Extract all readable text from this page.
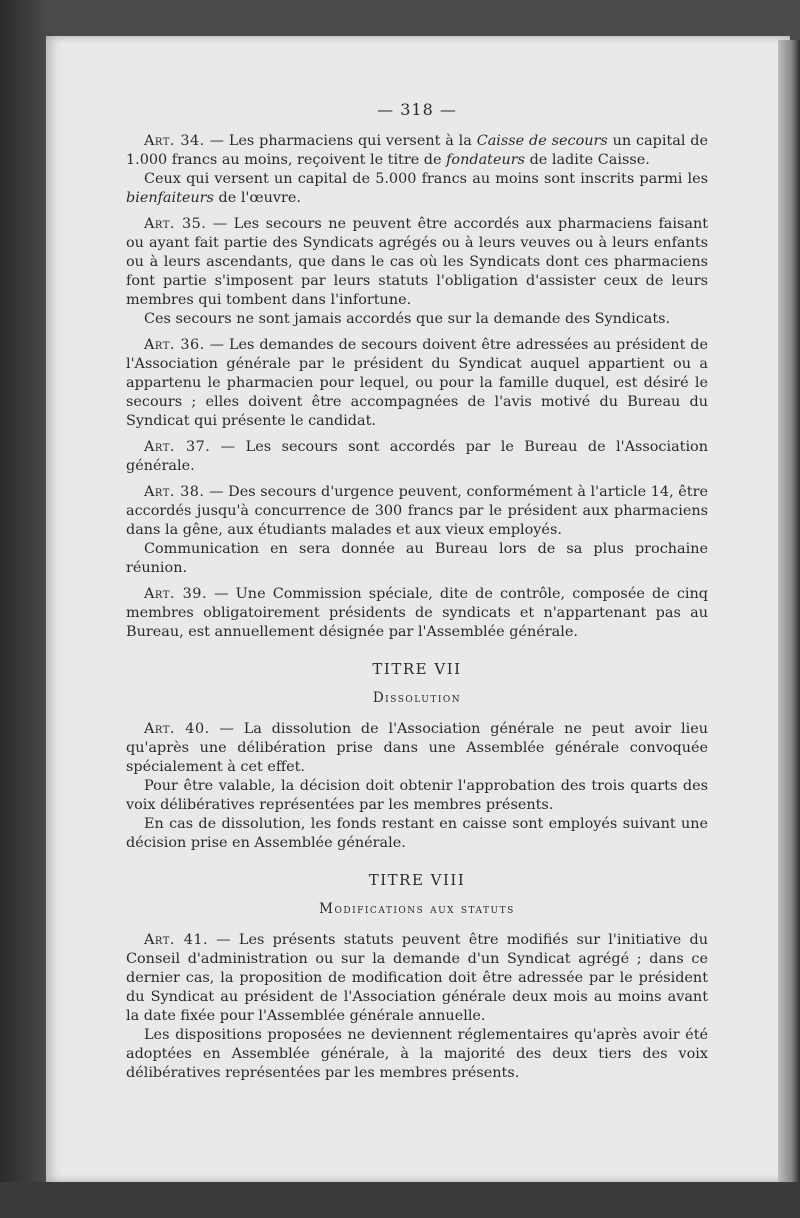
— 318 —

Art. 34. — Les pharmaciens qui versent à la Caisse de secours un capital de 1.000 francs au moins, reçoivent le titre de fondateurs de ladite Caisse.

Ceux qui versent un capital de 5.000 francs au moins sont inscrits parmi les bienfaiteurs de l'œuvre.

Art. 35. — Les secours ne peuvent être accordés aux pharmaciens faisant ou ayant fait partie des Syndicats agrégés ou à leurs veuves ou à leurs enfants ou à leurs ascendants, que dans le cas où les Syndicats dont ces pharmaciens font partie s'imposent par leurs statuts l'obligation d'assister ceux de leurs membres qui tombent dans l'infortune.

Ces secours ne sont jamais accordés que sur la demande des Syndicats.

Art. 36. — Les demandes de secours doivent être adressées au président de l'Association générale par le président du Syndicat auquel appartient ou a appartenu le pharmacien pour lequel, ou pour la famille duquel, est désiré le secours ; elles doivent être accompagnées de l'avis motivé du Bureau du Syndicat qui présente le candidat.

Art. 37. — Les secours sont accordés par le Bureau de l'Association générale.

Art. 38. — Des secours d'urgence peuvent, conformément à l'article 14, être accordés jusqu'à concurrence de 300 francs par le président aux pharmaciens dans la gêne, aux étudiants malades et aux vieux employés.

Communication en sera donnée au Bureau lors de sa plus prochaine réunion.

Art. 39. — Une Commission spéciale, dite de contrôle, composée de cinq membres obligatoirement présidents de syndicats et n'appartenant pas au Bureau, est annuellement désignée par l'Assemblée générale.

TITRE VII
Dissolution

Art. 40. — La dissolution de l'Association générale ne peut avoir lieu qu'après une délibération prise dans une Assemblée générale convoquée spécialement à cet effet.

Pour être valable, la décision doit obtenir l'approbation des trois quarts des voix délibératives représentées par les membres présents.

En cas de dissolution, les fonds restant en caisse sont employés suivant une décision prise en Assemblée générale.

TITRE VIII
Modifications aux statuts

Art. 41. — Les présents statuts peuvent être modifiés sur l'initiative du Conseil d'administration ou sur la demande d'un Syndicat agrégé ; dans ce dernier cas, la proposition de modification doit être adressée par le président du Syndicat au président de l'Association générale deux mois au moins avant la date fixée pour l'Assemblée générale annuelle.

Les dispositions proposées ne deviennent réglementaires qu'après avoir été adoptées en Assemblée générale, à la majorité des deux tiers des voix délibératives représentées par les membres présents.
